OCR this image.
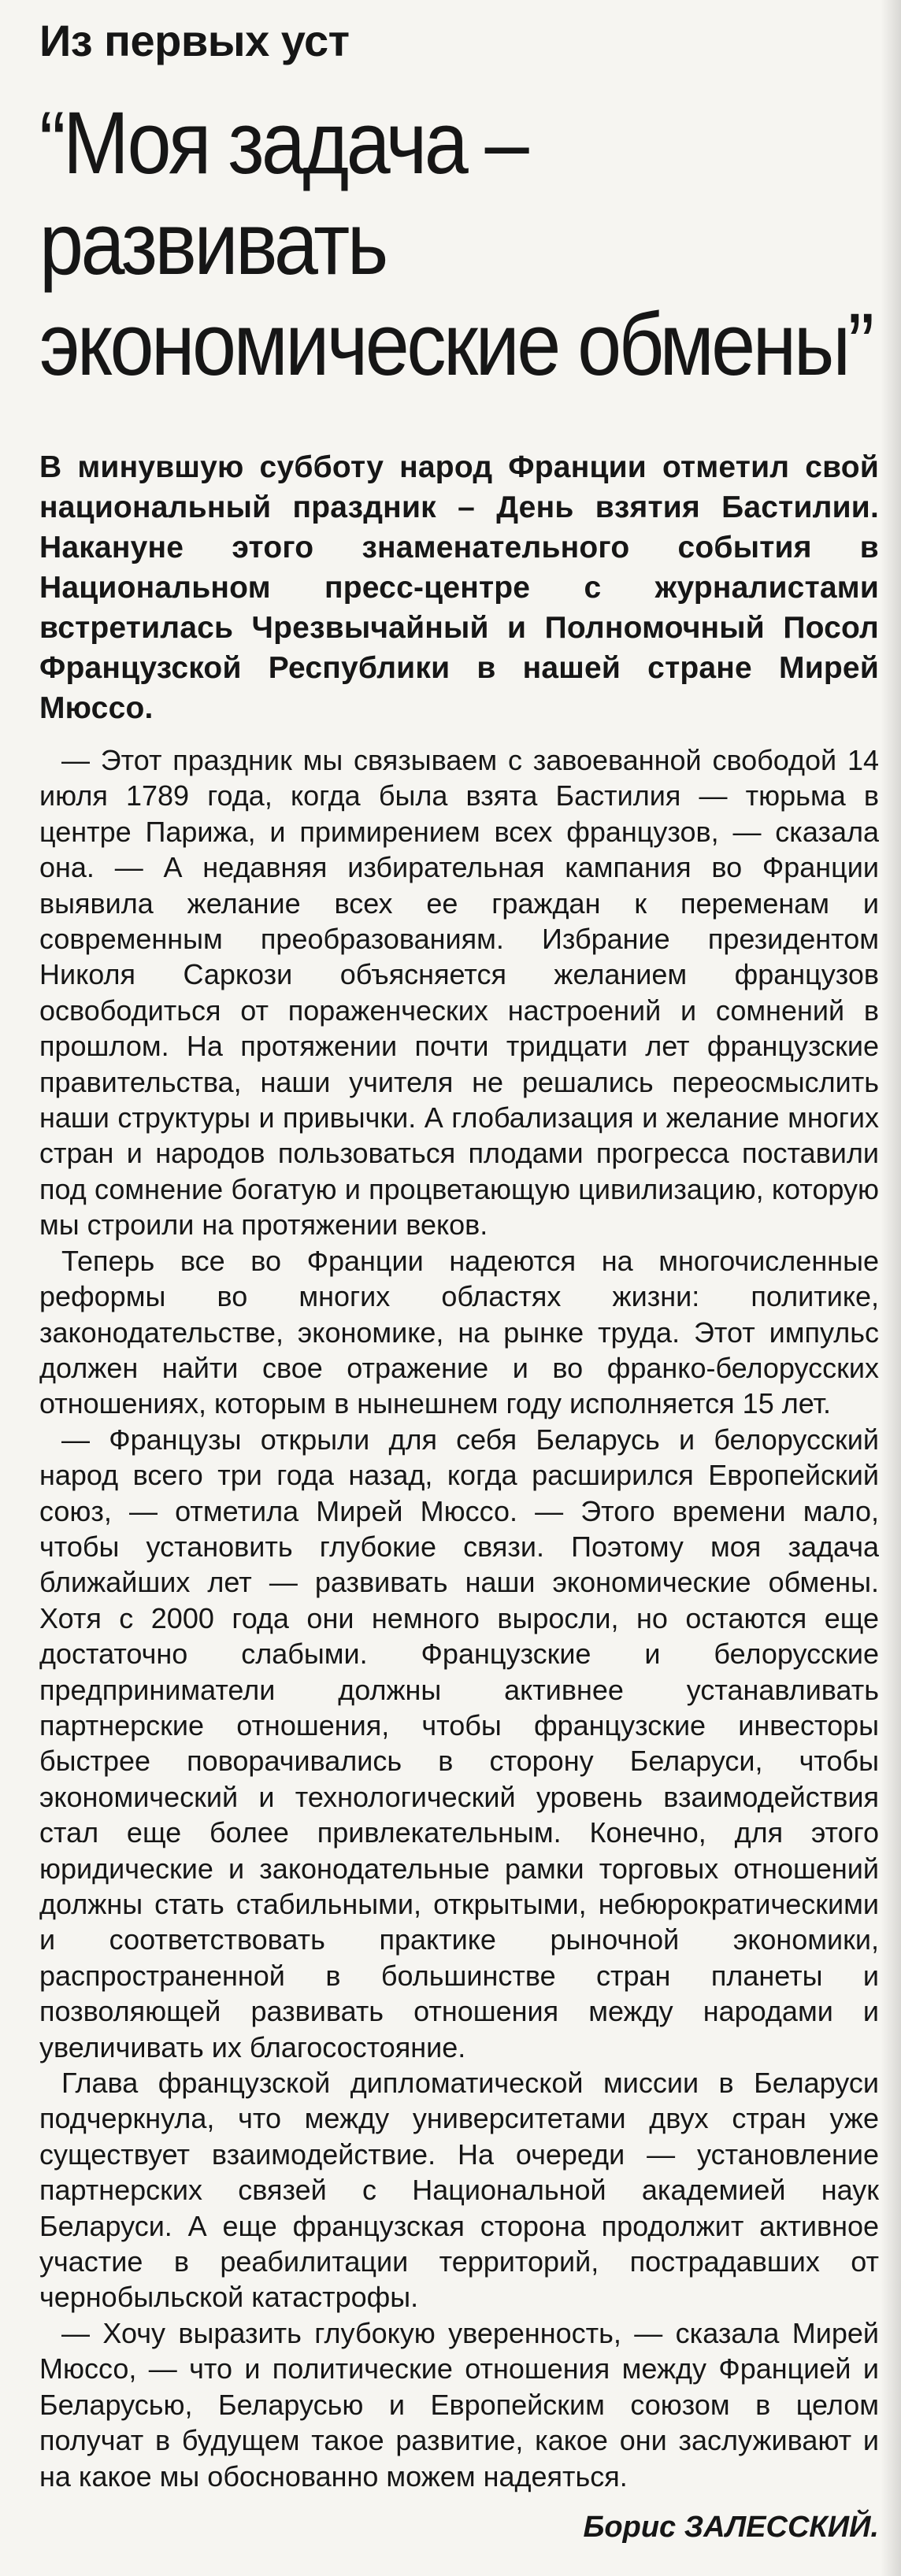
Из первых уст
“Моя задача –
развивать
экономические обмены”

В минувшую субботу народ Франции отметил свой национальный праздник – День взятия Бастилии. Накануне этого знаменательного события в Национальном пресс-центре с журналистами встретилась Чрезвычайный и Полномочный Посол Французской Республики в нашей стране Мирей Мюссо.

— Этот праздник мы связываем с завоеванной свободой 14 июля 1789 года, когда была взята Бастилия — тюрьма в центре Парижа, и примирением всех французов, — сказала она. — А недавняя избирательная кампания во Франции выявила желание всех ее граждан к переменам и современным преобразованиям. Избрание президентом Николя Саркози объясняется желанием французов освободиться от пораженческих настроений и сомнений в прошлом. На протяжении почти тридцати лет французские правительства, наши учителя не решались переосмыслить наши структуры и привычки. А глобализация и желание многих стран и народов пользоваться плодами прогресса поставили под сомнение богатую и процветающую цивилизацию, которую мы строили на протяжении веков.

Теперь все во Франции надеются на многочисленные реформы во многих областях жизни: политике, законодательстве, экономике, на рынке труда. Этот импульс должен найти свое отражение и во франко-белорусских отношениях, которым в нынешнем году исполняется 15 лет.

— Французы открыли для себя Беларусь и белорусский народ всего три года назад, когда расширился Европейский союз, — отметила Мирей Мюссо. — Этого времени мало, чтобы установить глубокие связи. Поэтому моя задача ближайших лет — развивать наши экономические обмены. Хотя с 2000 года они немного выросли, но остаются еще достаточно слабыми. Французские и белорусские предприниматели должны активнее устанавливать партнерские отношения, чтобы французские инвесторы быстрее поворачивались в сторону Беларуси, чтобы экономический и технологический уровень взаимодействия стал еще более привлекательным. Конечно, для этого юридические и законодательные рамки торговых отношений должны стать стабильными, открытыми, небюрократическими и соответствовать практике рыночной экономики, распространенной в большинстве стран планеты и позволяющей развивать отношения между народами и увеличивать их благосостояние.

Глава французской дипломатической миссии в Беларуси подчеркнула, что между университетами двух стран уже существует взаимодействие. На очереди — установление партнерских связей с Национальной академией наук Беларуси. А еще французская сторона продолжит активное участие в реабилитации территорий, пострадавших от чернобыльской катастрофы.

— Хочу выразить глубокую уверенность, — сказала Мирей Мюссо, — что и политические отношения между Францией и Беларусью, Беларусью и Европейским союзом в целом получат в будущем такое развитие, какое они заслуживают и на какое мы обоснованно можем надеяться.

Борис ЗАЛЕССКИЙ.
